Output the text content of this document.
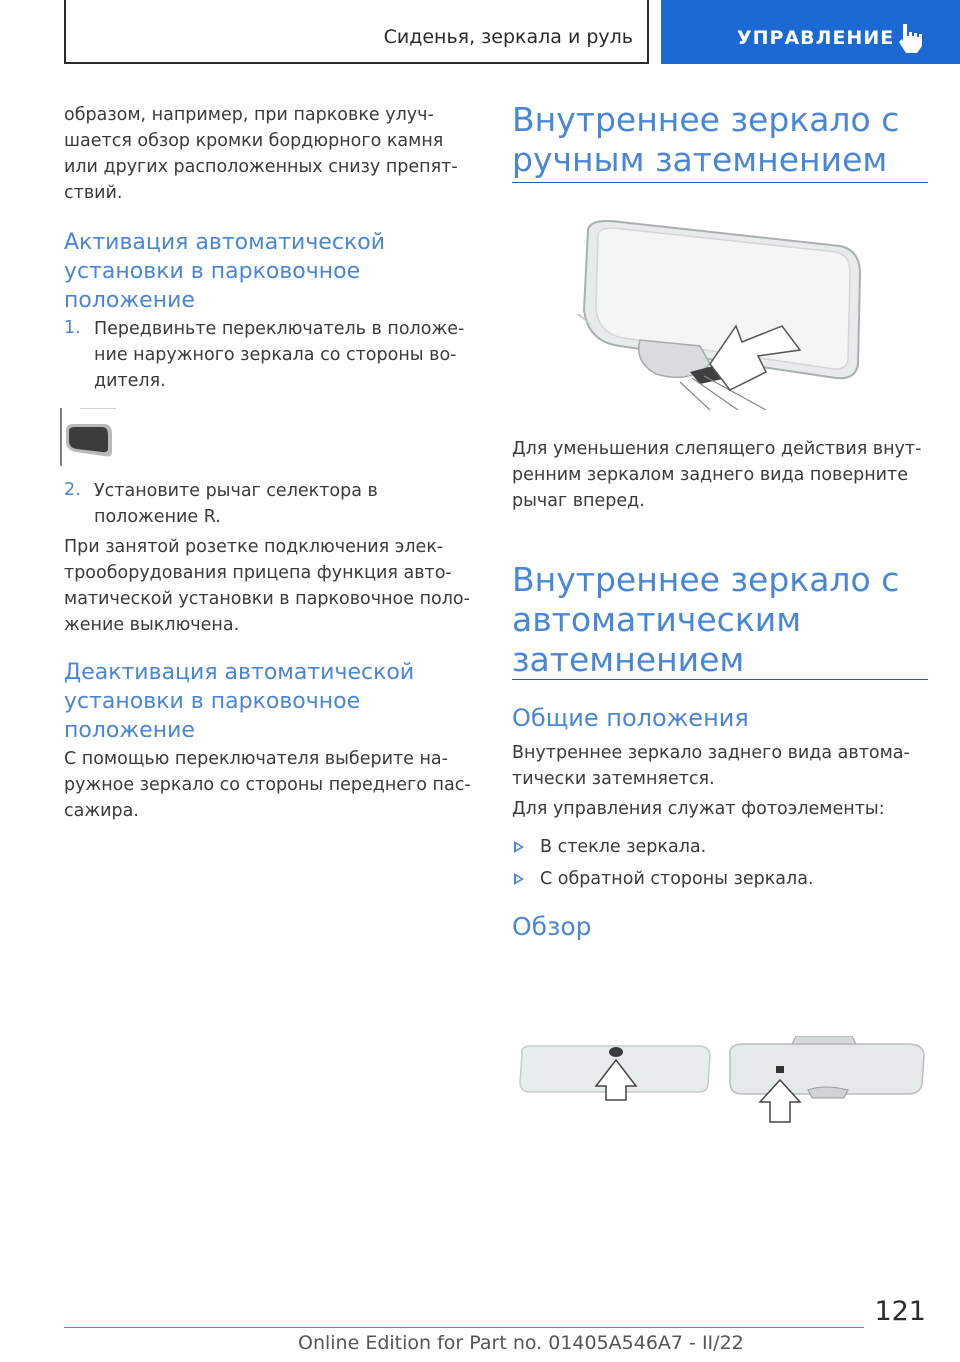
Сиденья, зеркала и руль	УПРАВЛЕНИЕ
образом, например, при парковке улуч-
шается обзор кромки бордюрного камня
или других расположенных снизу препят-
ствий.
Активация автоматической
установки в парковочное
положение
1. Передвиньте переключатель в положе-
ние наружного зеркала со стороны во-
дителя.
2. Установите рычаг селектора в
положение R.
При занятой розетке подключения элек-
трооборудования прицепа функция авто-
матической установки в парковочное поло-
жение выключена.
Деактивация автоматической
установки в парковочное
положение
С помощью переключателя выберите на-
ружное зеркало со стороны переднего пас-
сажира.
Внутреннее зеркало с
ручным затемнением
Для уменьшения слепящего действия внут-
ренним зеркалом заднего вида поверните
рычаг вперед.
Внутреннее зеркало с
автоматическим
затемнением
Общие положения
Внутреннее зеркало заднего вида автома-
тически затемняется.
Для управления служат фотоэлементы:
В стекле зеркала.
С обратной стороны зеркала.
Обзор
121
Online Edition for Part no. 01405A546A7 - II/22
